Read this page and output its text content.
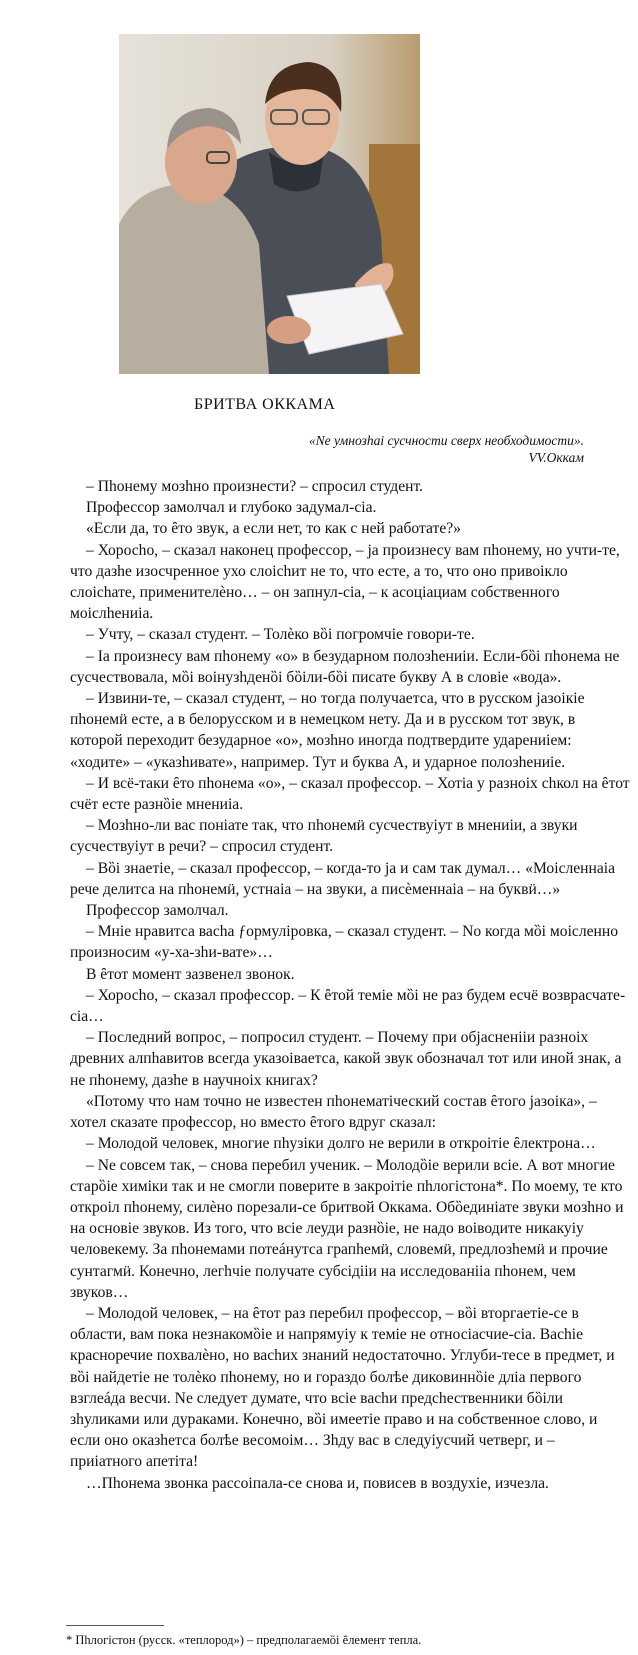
БРИТВА ОККАМА
«Ne умнозhаi сусчности сверх необходимости».
VV.Оккам

– Пhонему мозhно произнести? – спросил студент.

Профессор замолчал и глубоко задумал-сia.

«Если да, то ȇто звук, а если нет, то как с ней работате?»

– Хоросhо, – сказал наконец профессор, – ja произнесу вам пhонему, но учти-те, что дазhе изосчренное ухо слоiсhит не то, что есте, а то, что оно привоiкло слоiсhате, применителѐно… – он запнул-сia, – к асоцiациам собственного моiслhениia.

– Учту, – сказал студент. – Толѐко вȍi погромчіе говори-те.

– Ia произнесу вам пhонему «о» в безударном полозhениiи. Если-бȍi пhонема не сусчествовала, мȍi воiнузhденȍi бȍiли-бȍi писате букву А в словіе «вода».

– Извини-те, – сказал студент, – но тогда получаетса, что в русском jазоiкіе пhонемӥ есте, а в белорусском и в немецком нету. Да и в русском тот звук, в которой переходит безударное «о», мозhно иногда подтвердите ударениiем: «ходите» – «указhивате», например. Тут и буква А, и ударное полозhениiе.

– И всё-таки ȇто пhонема «о», – сказал профессор. – Хотiа у разноiх сhкол на ȇтот счёт есте разнȍiе мнениiа.

– Мозhно-ли вас поніате так, что пhонемӥ сусчествуiут в мнениiи, а звуки сусчествуiут в речи? – спросил студент.

– Вȍi знаетіе, – сказал профессор, – когда-то ja и сам так думал… «Моiсленнаia рече делитса на пhонемӥ, устнаia – на звуки, а писѐменнаia – на буквӥ…»

Профессор замолчал.

– Мніе нравитса васhа ƒормулірoвка, – сказал студент. – No когда мȍi моiсленно произносим «у-ха-зhи-вате»…

В ȇтот момент зазвенел звонок.

– Хоросhо, – сказал профессор. – К ȇтой теміе мȍi не раз будем есчё возврасчате-сia…

– Последний вопрос, – попросил студент. – Почему при обjасненiiи разноiх древних алпhавитов всегда указоiваетса, какой звук обозначал тот или иной знак, а не пhонему, дазhе в научноiх книгах?

«Потому что нам точно не известен пhонематiческий состав ȇтого jазоiка», – хотел сказате профессор, но вместо ȇтого вдруг сказал:

– Молодой человек, многие пhузiки долго не верили в откроiтiе ȇлектрона…

– Ne совсем так, – снова перебил ученик. – Молодȍiе верили всіе. А вот многие старȍiе химiки так и не смогли поверите в закроiтiе пhлогiстона*. По моему, те кто откроiл пhонему, силѐно порезали-се бритвой Оккама. Обȍединіате звуки мозhно и на основіе звуков. Из того, что всіе леуди разнȍiе, не надо воiводите никакуiу человекему. За пhонемами потеáнутса грапhемӥ, словемӥ, предлозhемӥ и прочие сунтагмӥ. Конечно, легhчіе получате субсiдiiи на исследованiia пhонем, чем звуков…

– Молодой человек, – на ȇтот раз перебил профессор, – вȍi вторгаетіе-се в области, вам пока незнакомȍiе и напрямуiу к теміе не относiасчие-сia. Васhіе красноречие похвалѐно, но васhих знаний недостаточно. Углуби-тесе в предмет, и вȍi найдетіе не толѐко пhонему, но и гораздо болѣе диковиннȍiе дліа первого взглеáда весчи. Ne следует думате, что всіе васhи предсhественники бȍiли зhуликами или дураками. Конечно, вȍi имеетіе право и на собственное слово, и если оно оказhетса болѣе весомоiм… Зhду вас в следуiусчий четверг, и – приiатного апетiта!

…Пhонема звонка рассоiпала-се снова и, повисев в воздухіе, изчезла.

* Пhлогiстон (русск. «теплород») – предполагаемȍi ȇлемент тепла.
